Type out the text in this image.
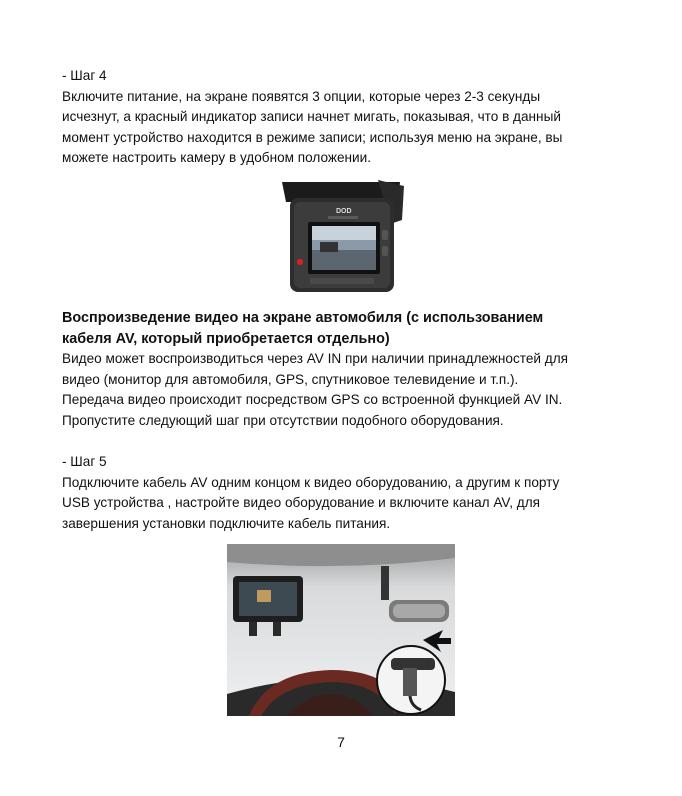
- Шаг 4

Включите питание, на экране появятся 3 опции, которые через 2-3 секунды

исчезнут, а красный индикатор записи начнет мигать, показывая, что в данный

момент устройство находится в режиме записи; используя меню на экране, вы

можете настроить камеру в удобном положении.

DOD

Воспроизведение видео на экране автомобиля (с использованием

кабеля AV, который приобретается отдельно)

Видео может воспроизводиться через AV IN при наличии принадлежностей для

видео (монитор для автомобиля, GPS, спутниковое телевидение и т.п.).

Передача видео происходит посредством GPS со встроенной функцией AV IN.

Пропустите следующий шаг при отсутствии подобного оборудования.

- Шаг 5

Подключите кабель AV одним концом к видео оборудованию, а другим к порту

USB устройства , настройте видео оборудование и включите канал AV, для

завершения установки подключите кабель питания.

7
